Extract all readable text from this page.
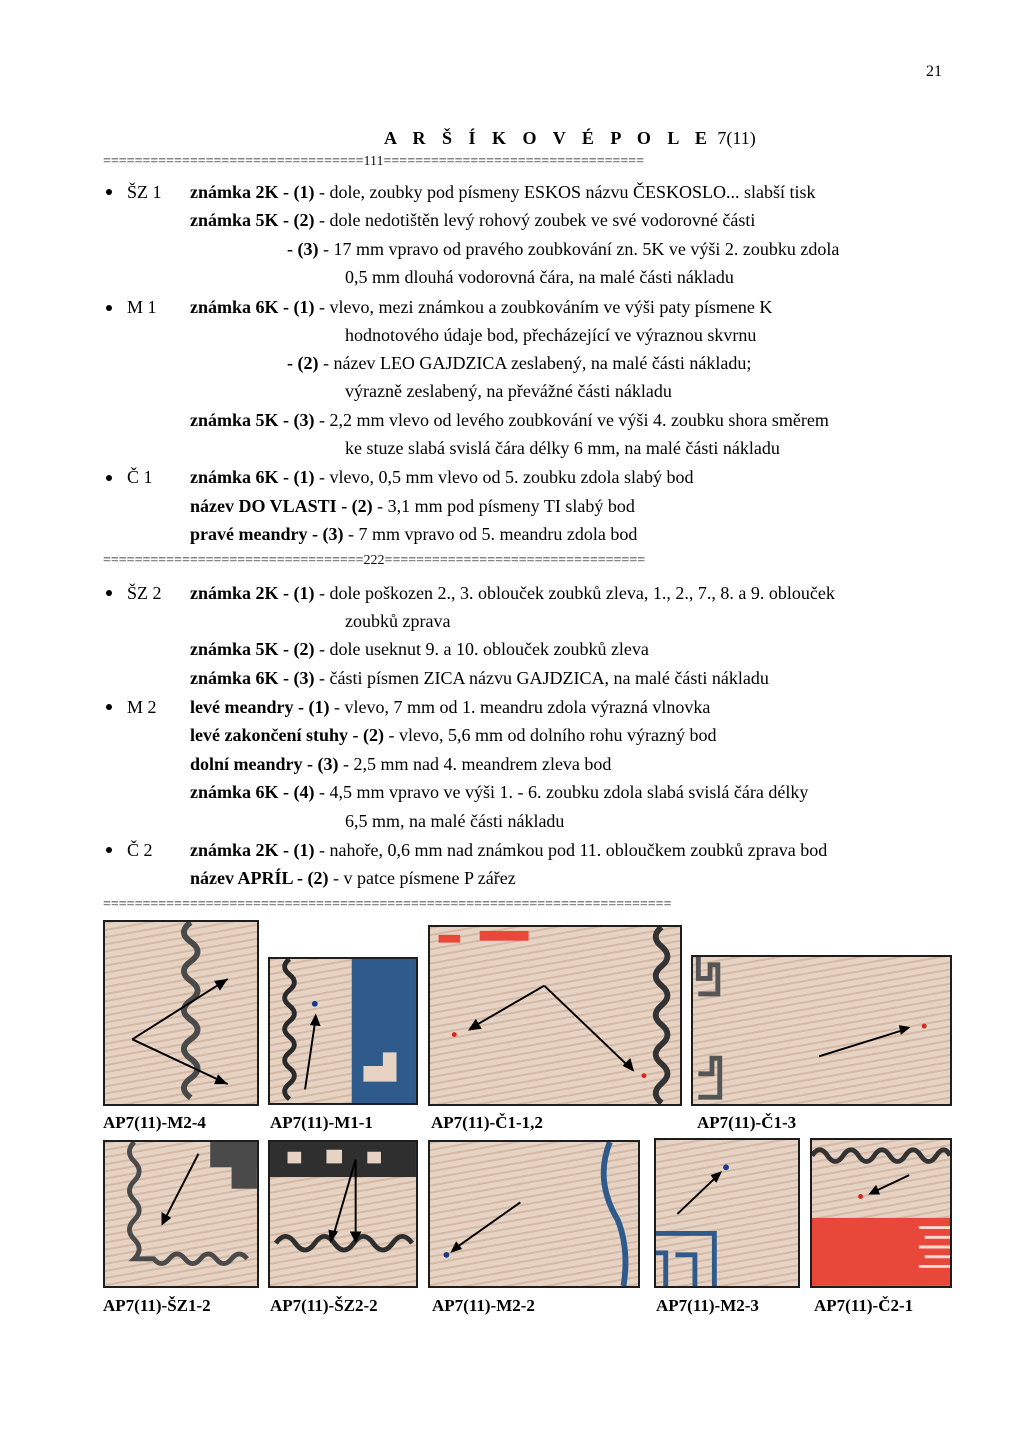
21
A R Š Í K O V É P O L E 7(11)
=================================111=================================
ŠZ 1 známka 2K - (1) - dole, zoubky pod písmeny ESKOS názvu ČESKOSLO... slabší tisk
známka 5K - (2) - dole nedotištěn levý rohový zoubek ve své vodorovné části
- (3) - 17 mm vpravo od pravého zoubkování zn. 5K ve výši 2. zoubku zdola
0,5 mm dlouhá vodorovná čára, na malé části nákladu
M 1 známka 6K - (1) - vlevo, mezi známkou a zoubkováním ve výši paty písmene K
hodnotového údaje bod, přecházející ve výraznou skvrnu
- (2) - název LEO GAJDZICA zeslabený, na malé části nákladu;
výrazně zeslabený, na převážné části nákladu
známka 5K - (3) - 2,2 mm vlevo od levého zoubkování ve výši 4. zoubku shora směrem
ke stuze slabá svislá čára délky 6 mm, na malé části nákladu
Č 1 známka 6K - (1) - vlevo, 0,5 mm vlevo od 5. zoubku zdola slabý bod
název DO VLASTI - (2) - 3,1 mm pod písmeny TI slabý bod
pravé meandry - (3) - 7 mm vpravo od 5. meandru zdola bod
=================================222=================================
ŠZ 2 známka 2K - (1) - dole poškozen 2., 3. oblouček zoubků zleva, 1., 2., 7., 8. a 9. oblouček
zoubků zprava
známka 5K - (2) - dole useknut 9. a 10. oblouček zoubků zleva
známka 6K - (3) - části písmen ZICA názvu GAJDZICA, na malé části nákladu
M 2 levé meandry - (1) - vlevo, 7 mm od 1. meandru zdola výrazná vlnovka
levé zakončení stuhy - (2) - vlevo, 5,6 mm od dolního rohu výrazný bod
dolní meandry - (3) - 2,5 mm nad 4. meandrem zleva bod
známka 6K - (4) - 4,5 mm vpravo ve výši 1. - 6. zoubku zdola slabá svislá čára délky
6,5 mm, na malé části nákladu
Č 2 známka 2K - (1) - nahoře, 0,6 mm nad známkou pod 11. obloučkem zoubků zprava bod
název APRÍL - (2) - v patce písmene P zářez
========================================================================
AP7(11)-M2-4	AP7(11)-M1-1	AP7(11)-Č1-1,2	AP7(11)-Č1-3
AP7(11)-ŠZ1-2	AP7(11)-ŠZ2-2	AP7(11)-M2-2	AP7(11)-M2-3	AP7(11)-Č2-1
